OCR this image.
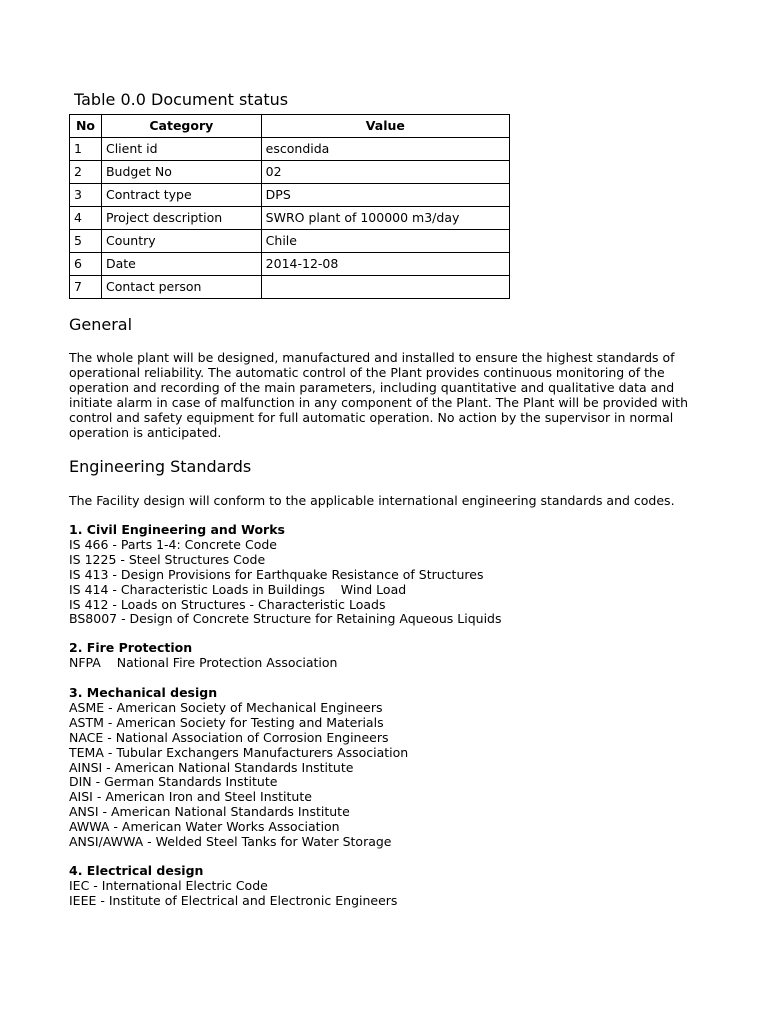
Table 0.0 Document status
No	Category	Value
1	Client id	escondida
2	Budget No	02
3	Contract type	DPS
4	Project description	SWRO plant of 100000 m3/day
5	Country	Chile
6	Date	2014-12-08
7	Contact person	
General
The whole plant will be designed, manufactured and installed to ensure the highest standards of
operational reliability. The automatic control of the Plant provides continuous monitoring of the
operation and recording of the main parameters, including quantitative and qualitative data and
initiate alarm in case of malfunction in any component of the Plant. The Plant will be provided with
control and safety equipment for full automatic operation. No action by the supervisor in normal
operation is anticipated.
Engineering Standards
The Facility design will conform to the applicable international engineering standards and codes.
1. Civil Engineering and Works
IS 466 - Parts 1-4: Concrete Code
IS 1225 - Steel Structures Code
IS 413 - Design Provisions for Earthquake Resistance of Structures
IS 414 - Characteristic Loads in Buildings    Wind Load
IS 412 - Loads on Structures - Characteristic Loads
BS8007 - Design of Concrete Structure for Retaining Aqueous Liquids
2. Fire Protection
NFPA    National Fire Protection Association
3. Mechanical design
ASME - American Society of Mechanical Engineers
ASTM - American Society for Testing and Materials
NACE - National Association of Corrosion Engineers
TEMA - Tubular Exchangers Manufacturers Association
AINSI - American National Standards Institute
DIN - German Standards Institute
AISI - American Iron and Steel Institute
ANSI - American National Standards Institute
AWWA - American Water Works Association
ANSI/AWWA - Welded Steel Tanks for Water Storage
4. Electrical design
IEC - International Electric Code
IEEE - Institute of Electrical and Electronic Engineers
